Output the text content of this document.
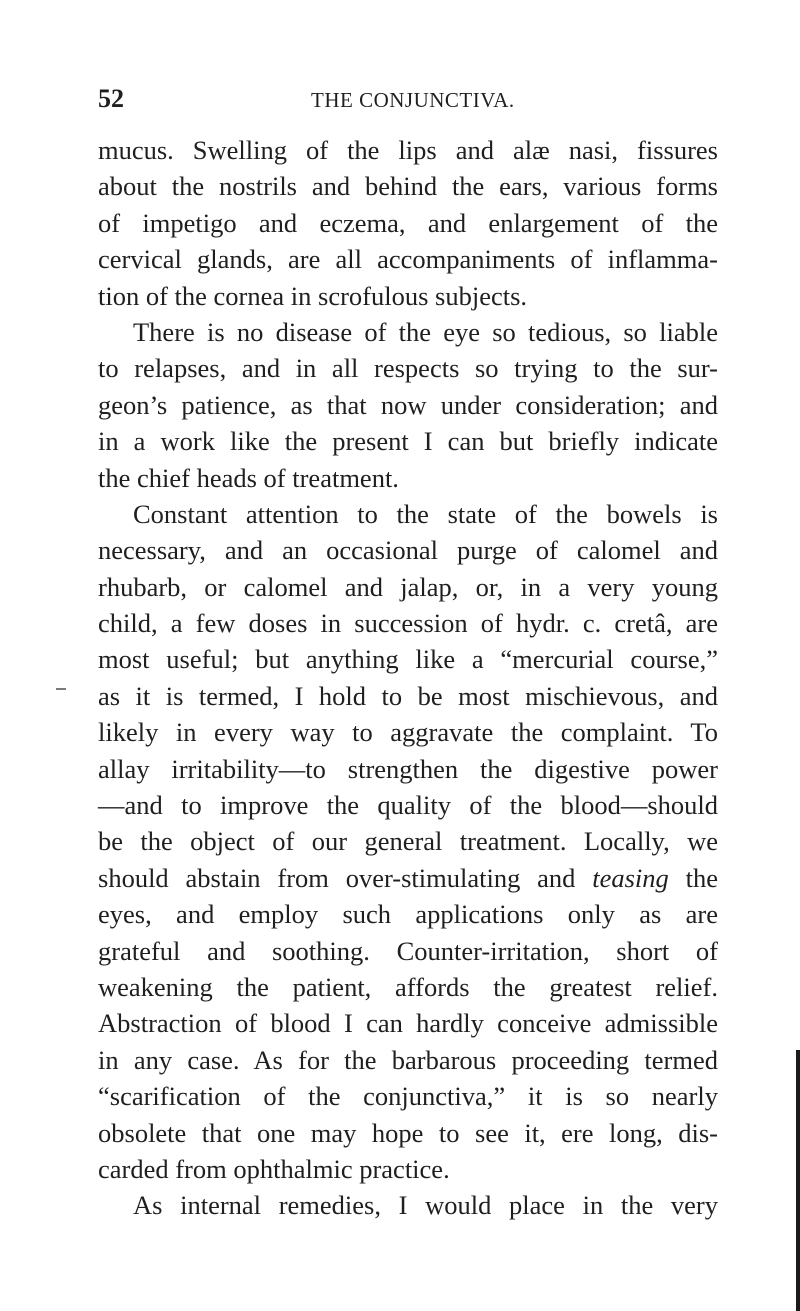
52	THE CONJUNCTIVA.
mucus. Swelling of the lips and alæ nasi, fissures
about the nostrils and behind the ears, various forms
of impetigo and eczema, and enlargement of the
cervical glands, are all accompaniments of inflamma-
tion of the cornea in scrofulous subjects.
There is no disease of the eye so tedious, so liable
to relapses, and in all respects so trying to the sur-
geon’s patience, as that now under consideration; and
in a work like the present I can but briefly indicate
the chief heads of treatment.
Constant attention to the state of the bowels is
necessary, and an occasional purge of calomel and
rhubarb, or calomel and jalap, or, in a very young
child, a few doses in succession of hydr. c. cretâ, are
most useful; but anything like a “mercurial course,”
as it is termed, I hold to be most mischievous, and
likely in every way to aggravate the complaint. To
allay irritability—to strengthen the digestive power
—and to improve the quality of the blood—should
be the object of our general treatment. Locally, we
should abstain from over-stimulating and teasing the
eyes, and employ such applications only as are
grateful and soothing. Counter-irritation, short of
weakening the patient, affords the greatest relief.
Abstraction of blood I can hardly conceive admissible
in any case. As for the barbarous proceeding termed
“scarification of the conjunctiva,” it is so nearly
obsolete that one may hope to see it, ere long, dis-
carded from ophthalmic practice.
As internal remedies, I would place in the very
